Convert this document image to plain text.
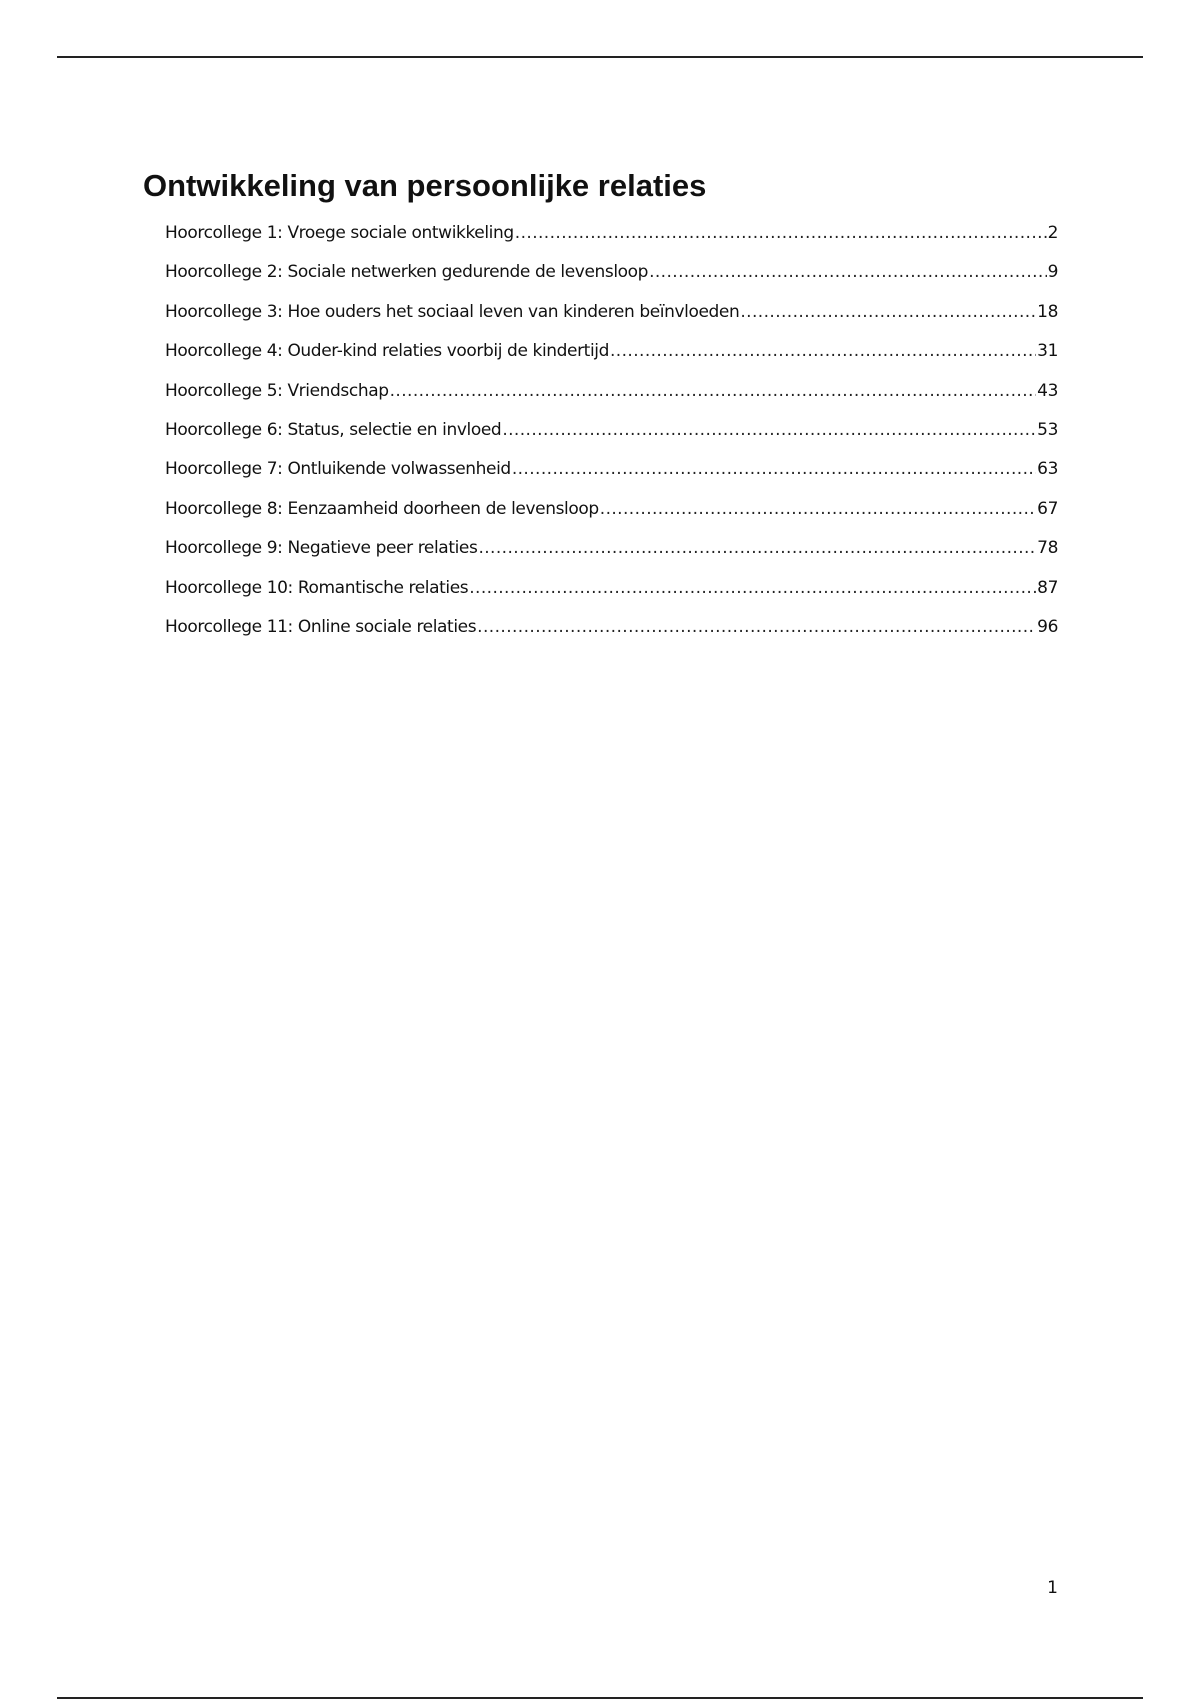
Ontwikkeling van persoonlijke relaties
Hoorcollege 1: Vroege sociale ontwikkeling .....	2
Hoorcollege 2: Sociale netwerken gedurende de levensloop .....	9
Hoorcollege 3: Hoe ouders het sociaal leven van kinderen beïnvloeden .....	18
Hoorcollege 4: Ouder-kind relaties voorbij de kindertijd .....	31
Hoorcollege 5: Vriendschap .....	43
Hoorcollege 6: Status, selectie en invloed .....	53
Hoorcollege 7: Ontluikende volwassenheid .....	63
Hoorcollege 8: Eenzaamheid doorheen de levensloop .....	67
Hoorcollege 9: Negatieve peer relaties .....	78
Hoorcollege 10: Romantische relaties .....	87
Hoorcollege 11: Online sociale relaties .....	96
1
